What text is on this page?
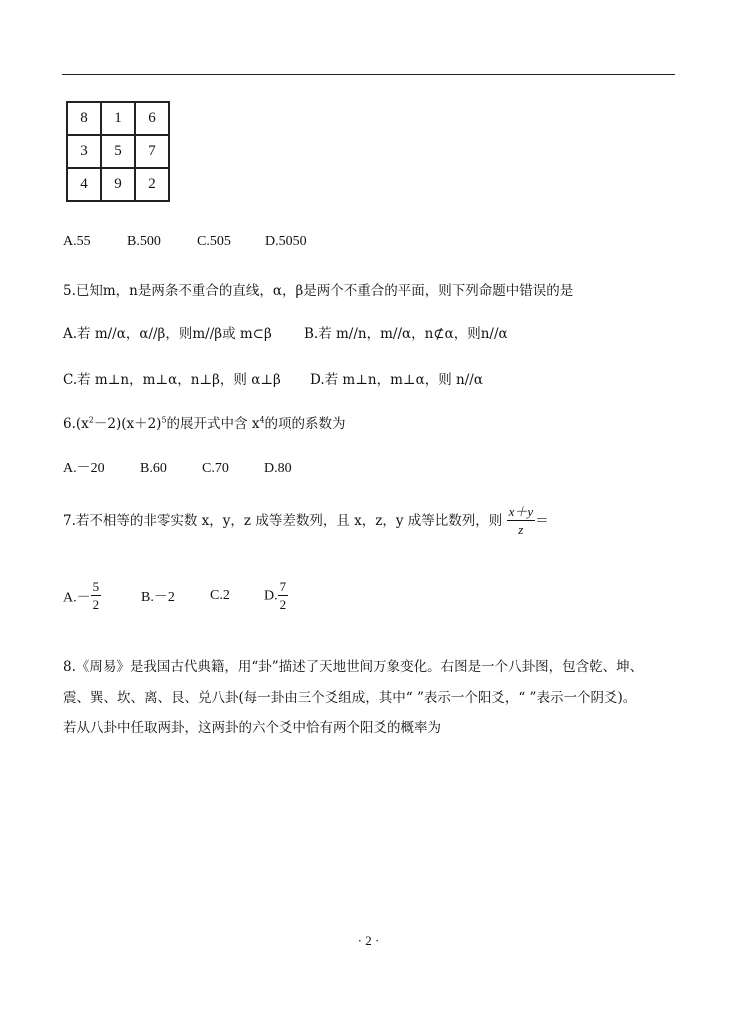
8	1	6
3	5	7
4	9	2
A.55	B.500	C.505 D.5050
5.已知m，n是两条不重合的直线，α，β是两个不重合的平面，则下列命题中错误的是
A.若 m//α，α//β，则m//β或 m⊂β B.若 m//n，m//α，n⊄α，则n//α
C.若 m⊥n，m⊥α，n⊥β，则 α⊥β D.若 m⊥n，m⊥α，则 n//α
$6.(x^2-2)(x+2)^5$的展开式中含 $x^4$的项的系数为
A.－20	B.60	C.70	D.80
7.若不相等的非零实数 x，y，z 成等差数列，且 x，z，y 成等比数列，则 $\frac{x+y}{z}$ ＝
$A.- \frac{5}{2}$	B.－2	C.2 D. $\frac{7}{2}$
8.《周易》是我国古代典籍，用“卦”描述了天地世间万象变化。右图是一个八卦图，包含乾、坤、
震、巽、坎、离、艮、兑八卦(每一卦由三个爻组成，其中“ ”表示一个阳爻，“ ”表示一个阴爻)。
若从八卦中任取两卦，这两卦的六个爻中恰有两个阳爻的概率为
· 2 ·
